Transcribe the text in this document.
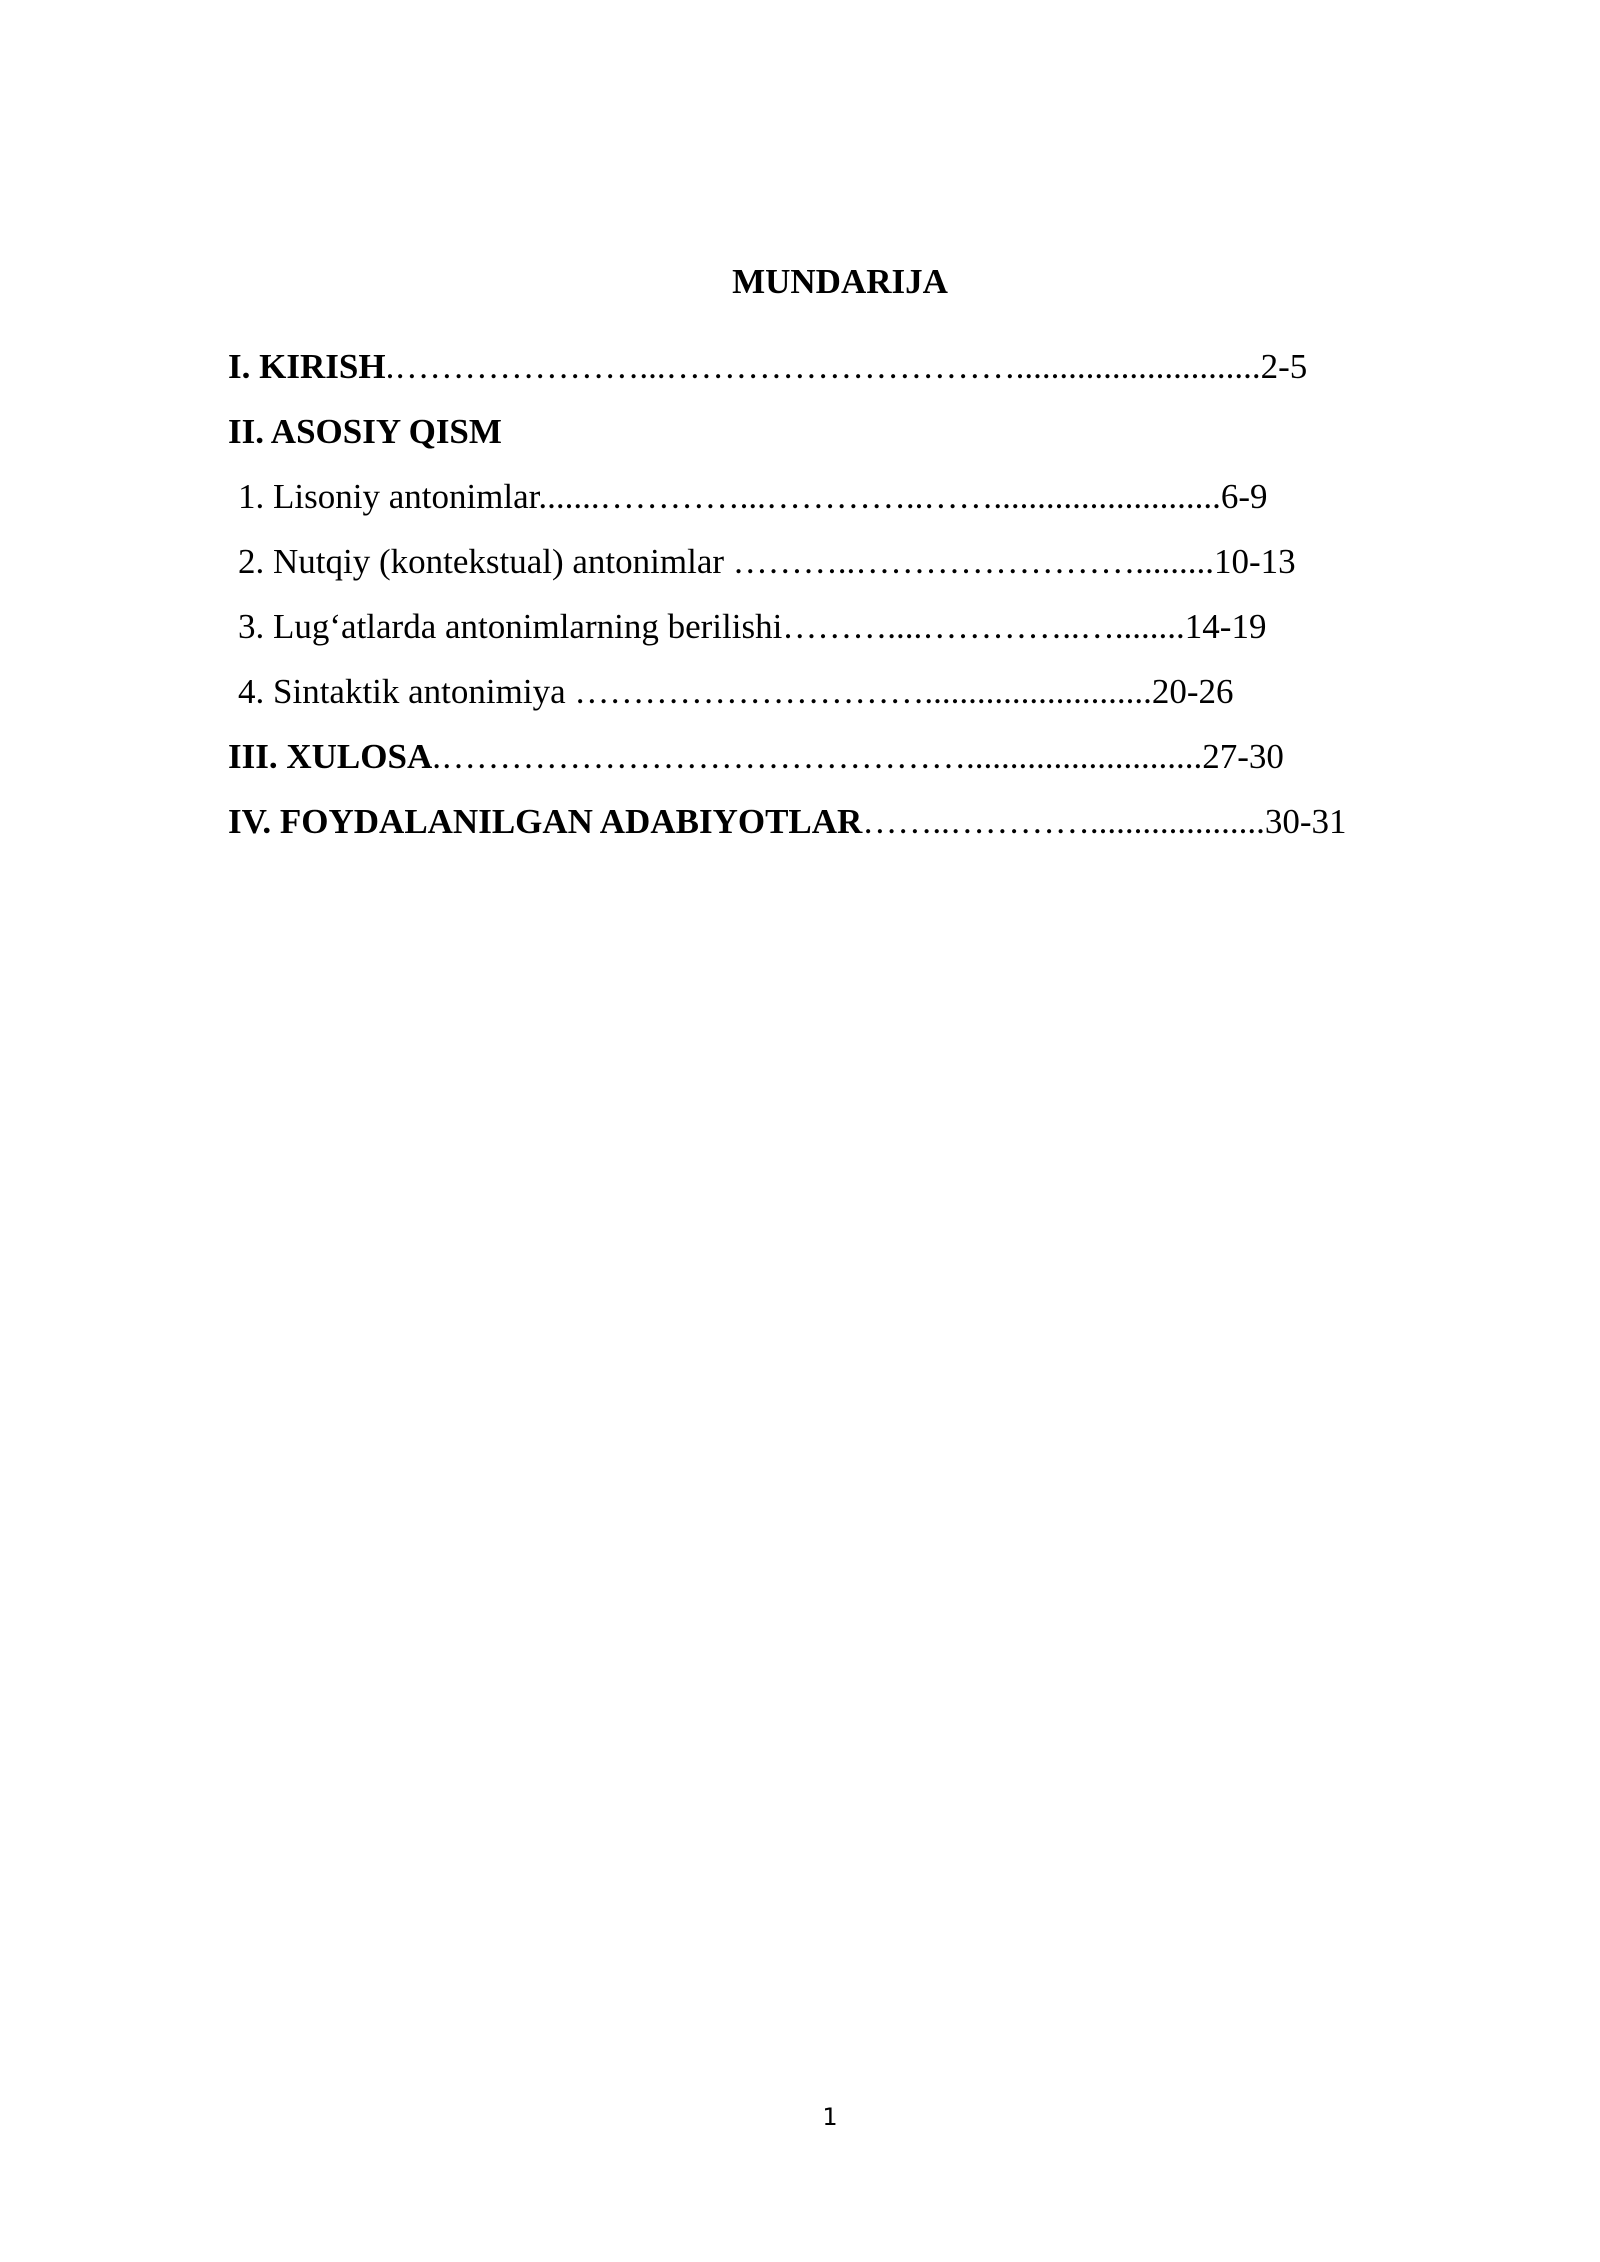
MUNDARIJA
I. KIRISH.…………………...…………………………............................2-5
II. ASOSIY QISM
1. Lisoniy antonimlar.......…………...…………..……..........................6-9
2. Nutqiy (kontekstual) antonimlar ………..…………………….........10-13
3. Lug‘atlarda antonimlarning berilishi………....…………..…........14-19
4. Sintaktik antonimiya …………………………..........................20-26
III. XULOSA.………………………………………...........................27-30
IV. FOYDALANILGAN ADABIYOTLAR……..…………....................30-31
1
